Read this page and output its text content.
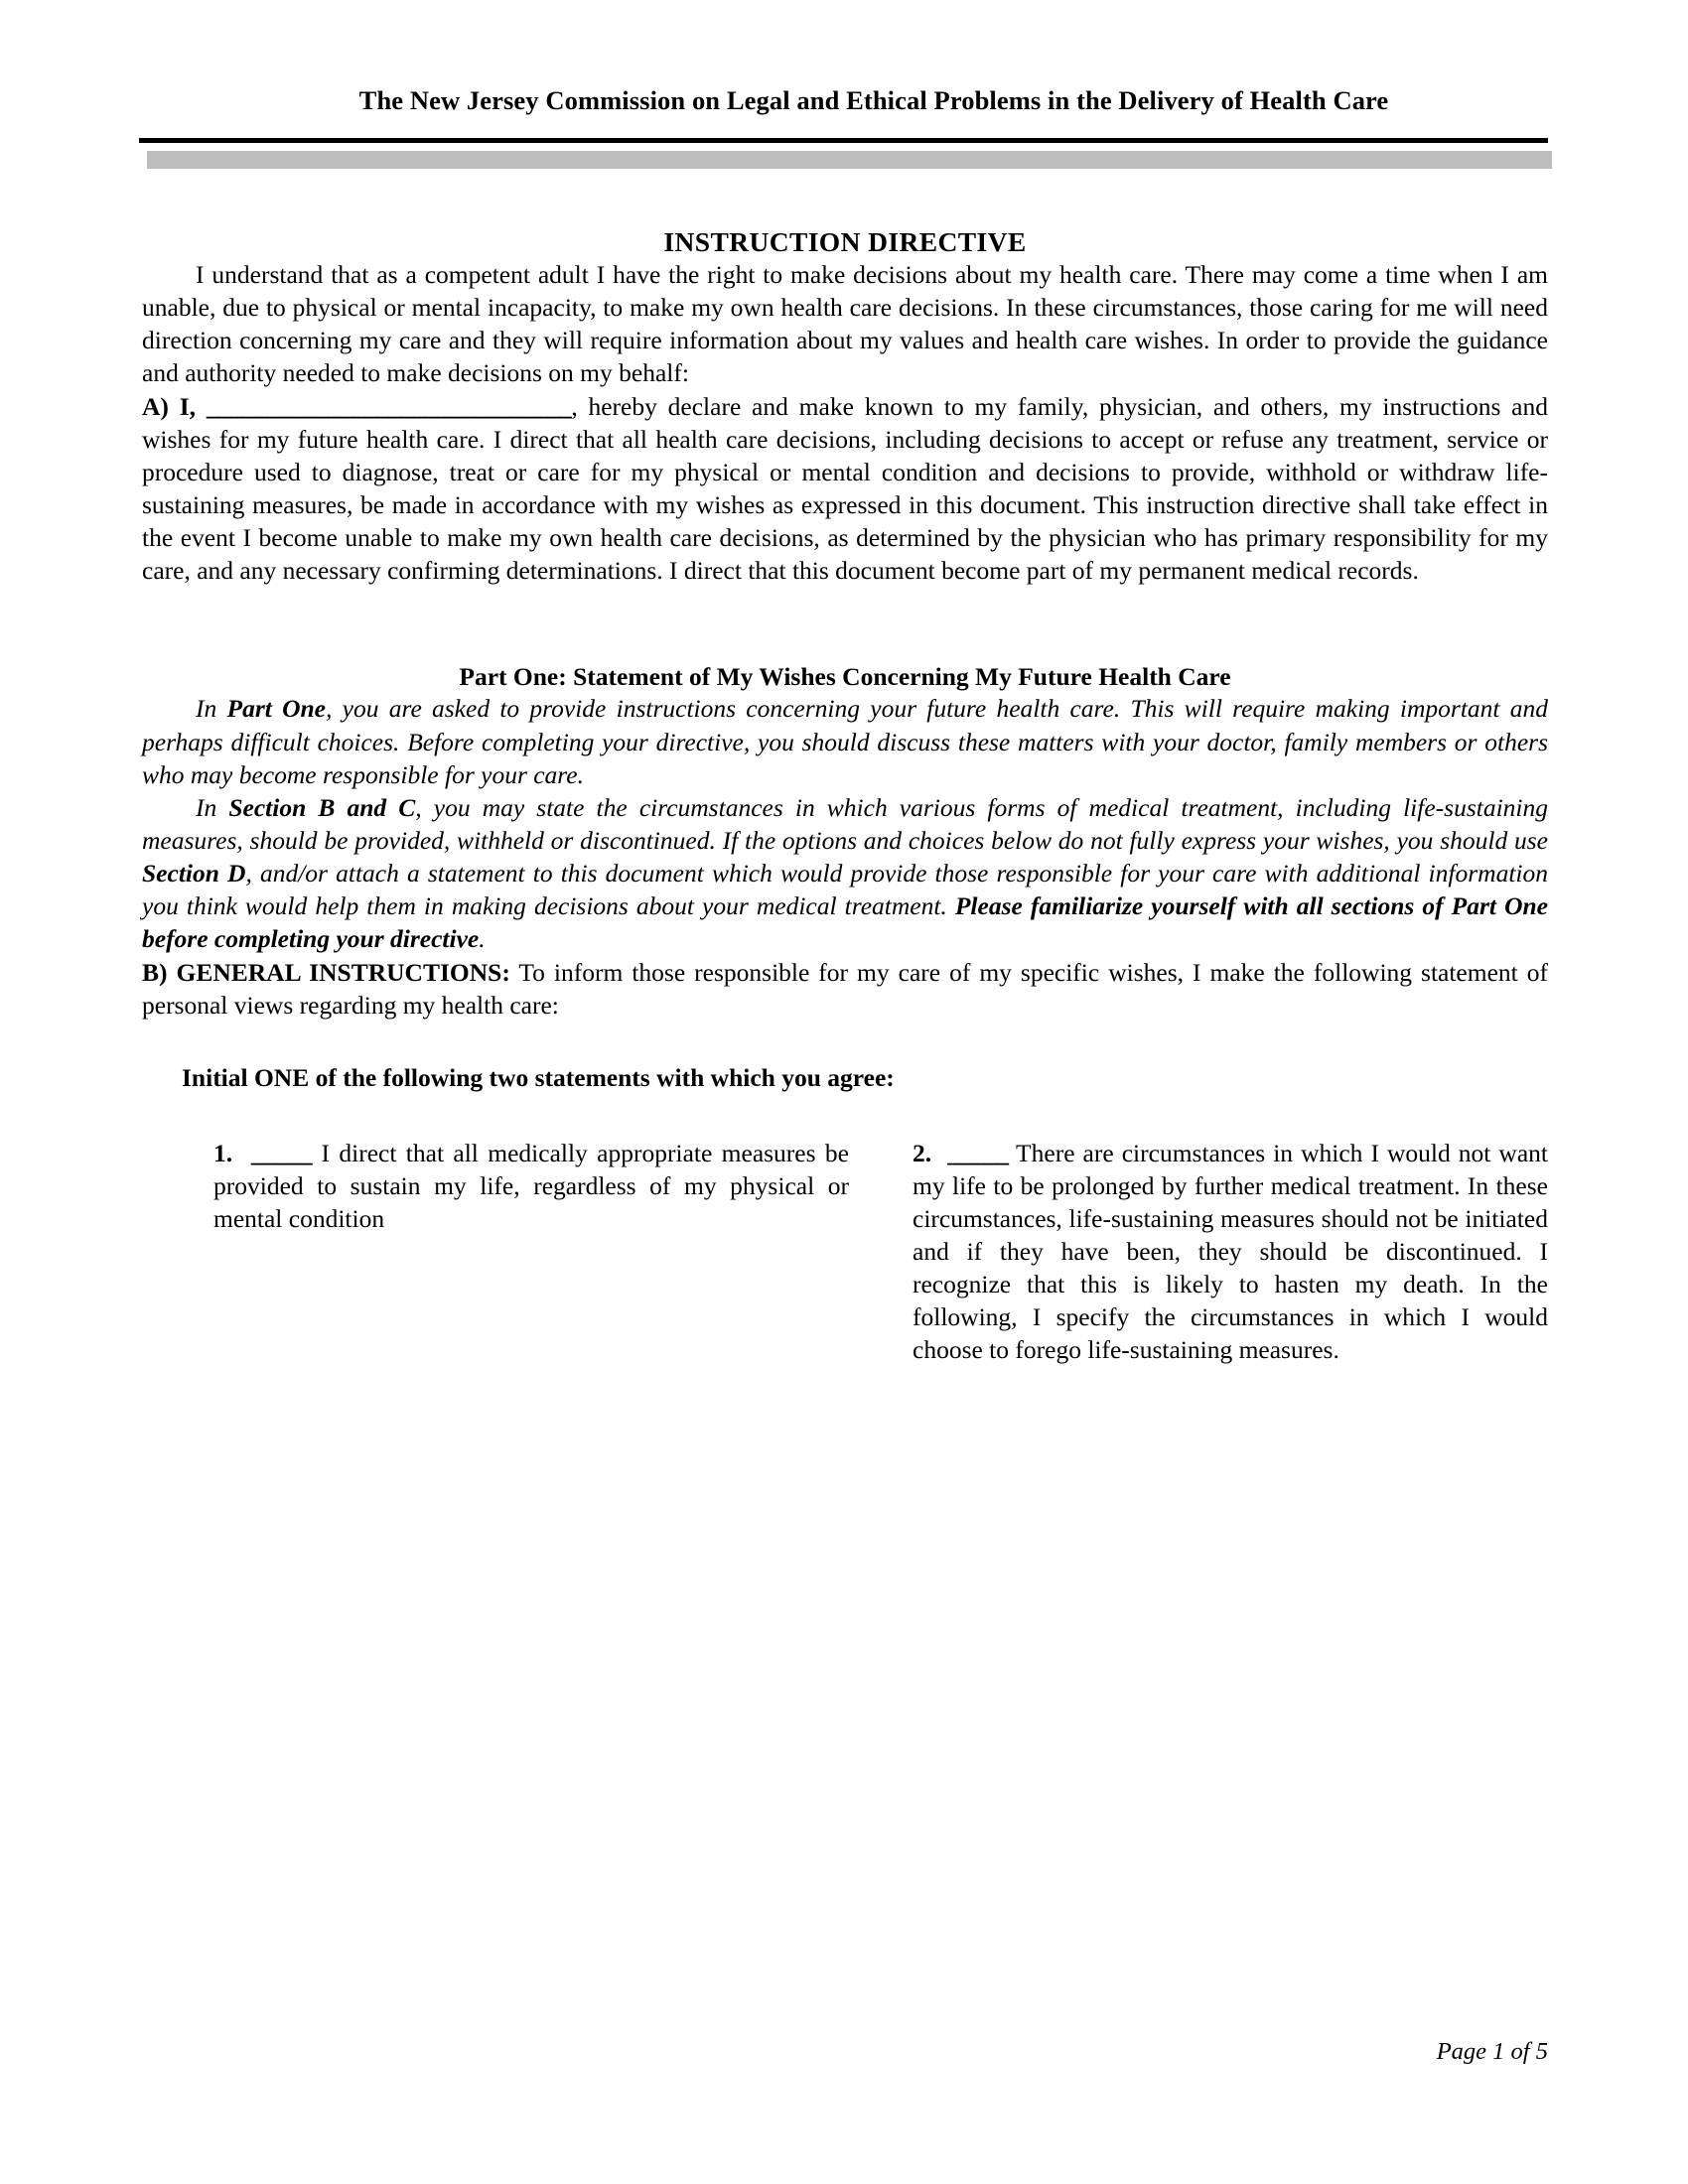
The New Jersey Commission on Legal and Ethical Problems in the Delivery of Health Care
INSTRUCTION DIRECTIVE

I understand that as a competent adult I have the right to make decisions about my health care. There may come a time when I am unable, due to physical or mental incapacity, to make my own health care decisions. In these circumstances, those caring for me will need direction concerning my care and they will require information about my values and health care wishes. In order to provide the guidance and authority needed to make decisions on my behalf:

A) I, ______________________________, hereby declare and make known to my family, physician, and others, my instructions and wishes for my future health care. I direct that all health care decisions, including decisions to accept or refuse any treatment, service or procedure used to diagnose, treat or care for my physical or mental condition and decisions to provide, withhold or withdraw life-sustaining measures, be made in accordance with my wishes as expressed in this document. This instruction directive shall take effect in the event I become unable to make my own health care decisions, as determined by the physician who has primary responsibility for my care, and any necessary confirming determinations. I direct that this document become part of my permanent medical records.

Part One: Statement of My Wishes Concerning My Future Health Care

In Part One, you are asked to provide instructions concerning your future health care. This will require making important and perhaps difficult choices. Before completing your directive, you should discuss these matters with your doctor, family members or others who may become responsible for your care.

In Section B and C, you may state the circumstances in which various forms of medical treatment, including life-sustaining measures, should be provided, withheld or discontinued. If the options and choices below do not fully express your wishes, you should use Section D, and/or attach a statement to this document which would provide those responsible for your care with additional information you think would help them in making decisions about your medical treatment. Please familiarize yourself with all sections of Part One before completing your directive.

B) GENERAL INSTRUCTIONS: To inform those responsible for my care of my specific wishes, I make the following statement of personal views regarding my health care:

Initial ONE of the following two statements with which you agree:
1. _____ I direct that all medically appropriate measures be provided to sustain my life, regardless of my physical or mental condition
2. _____ There are circumstances in which I would not want my life to be prolonged by further medical treatment. In these circumstances, life-sustaining measures should not be initiated and if they have been, they should be discontinued. I recognize that this is likely to hasten my death. In the following, I specify the circumstances in which I would choose to forego life-sustaining measures.
Page 1 of 5
